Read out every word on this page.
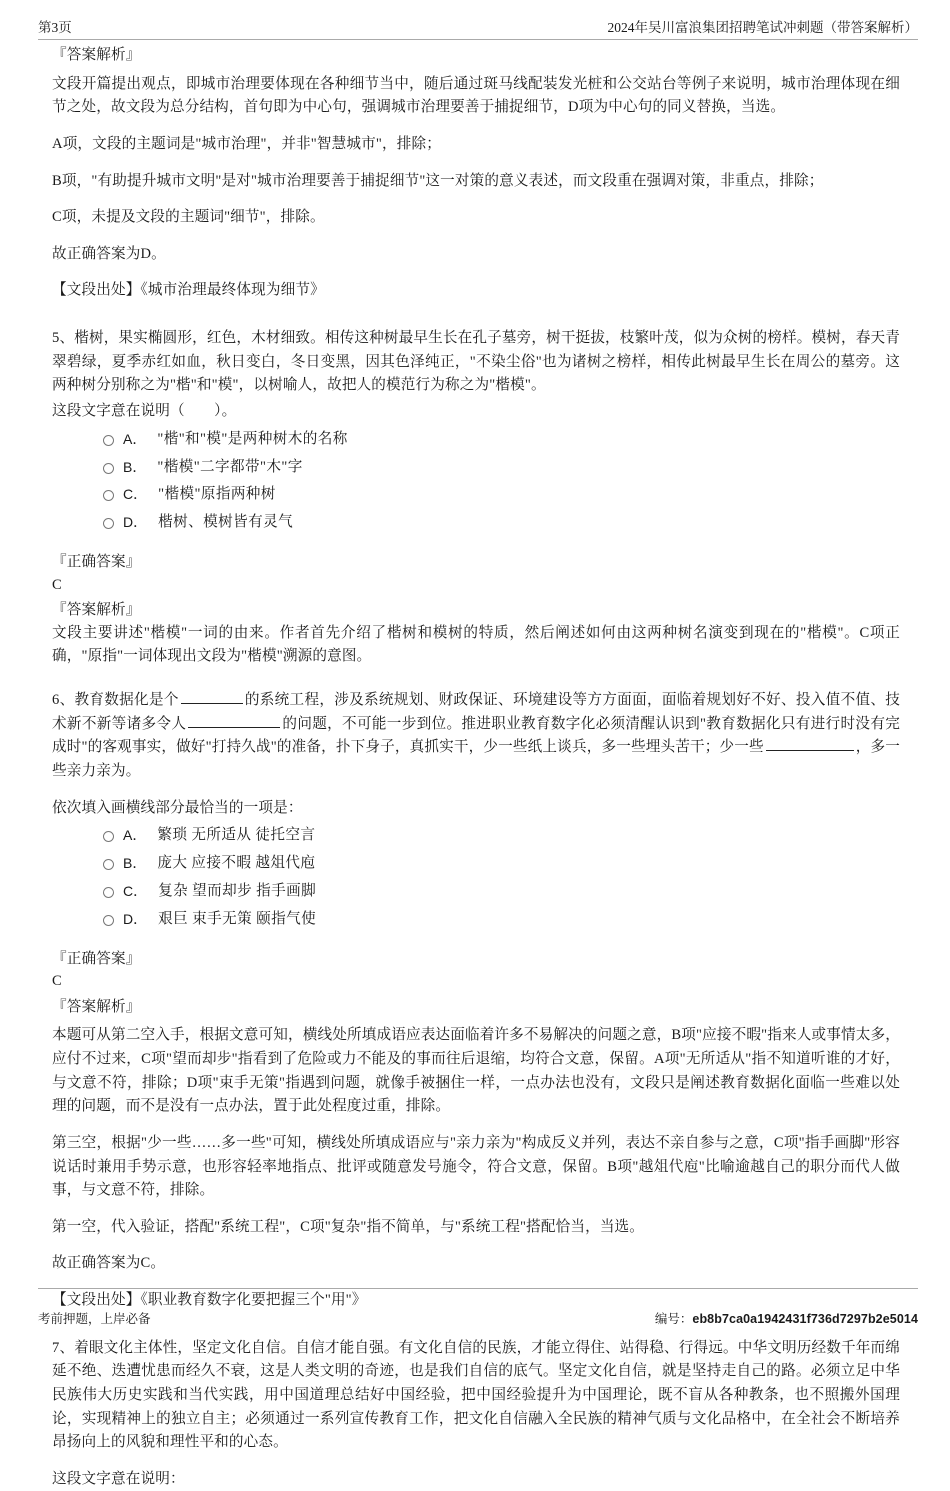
第3页	2024年吴川富浪集团招聘笔试冲刺题（带答案解析）
『答案解析』

文段开篇提出观点，即城市治理要体现在各种细节当中，随后通过斑马线配装发光桩和公交站台等例子来说明，城市治理体现在细节之处，故文段为总分结构，首句即为中心句，强调城市治理要善于捕捉细节，D项为中心句的同义替换，当选。

A项，文段的主题词是"城市治理"，并非"智慧城市"，排除；

B项，"有助提升城市文明"是对"城市治理要善于捕捉细节"这一对策的意义表述，而文段重在强调对策，非重点，排除；

C项，未提及文段的主题词"细节"，排除。

故正确答案为D。

【文段出处】《城市治理最终体现为细节》

5、楷树，果实椭圆形，红色，木材细致。相传这种树最早生长在孔子墓旁，树干挺拔，枝繁叶茂，似为众树的榜样。模树，春天青翠碧绿，夏季赤红如血，秋日变白，冬日变黑，因其色泽纯正，"不染尘俗"也为诸树之榜样，相传此树最早生长在周公的墓旁。这两种树分别称之为"楷"和"模"，以树喻人，故把人的模范行为称之为"楷模"。

这段文字意在说明（　　）。

A． "楷"和"模"是两种树木的名称
B． "楷模"二字都带"木"字
C． "楷模"原指两种树
D． 楷树、模树皆有灵气
『正确答案』
C
『答案解析』

文段主要讲述"楷模"一词的由来。作者首先介绍了楷树和模树的特质，然后阐述如何由这两种树名演变到现在的"楷模"。C项正确，"原指"一词体现出文段为"楷模"溯源的意图。

6、教育数据化是个	的系统工程，涉及系统规划、财政保证、环境建设等方方面面，面临着规划好不好、投入值不值、技术新不新等诸多令人	的问题，不可能一步到位。推进职业教育数字化必须清醒认识到"教育数据化只有进行时没有完成时"的客观事实，做好"打持久战"的准备，扑下身子，真抓实干，少一些纸上谈兵，多一些埋头苦干；少一些	，多一些亲力亲为。

依次填入画横线部分最恰当的一项是：

A． 繁琐 无所适从 徒托空言
B． 庞大 应接不暇 越俎代庖
C． 复杂 望而却步 指手画脚
D． 艰巨 束手无策 颐指气使
『正确答案』
C
『答案解析』

本题可从第二空入手，根据文意可知，横线处所填成语应表达面临着许多不易解决的问题之意，B项"应接不暇"指来人或事情太多，应付不过来，C项"望而却步"指看到了危险或力不能及的事而往后退缩，均符合文意，保留。A项"无所适从"指不知道听谁的才好，与文意不符，排除；D项"束手无策"指遇到问题，就像手被捆住一样，一点办法也没有，文段只是阐述教育数据化面临一些难以处理的问题，而不是没有一点办法，置于此处程度过重，排除。

第三空，根据"少一些……多一些"可知，横线处所填成语应与"亲力亲为"构成反义并列，表达不亲自参与之意，C项"指手画脚"形容说话时兼用手势示意，也形容轻率地指点、批评或随意发号施令，符合文意，保留。B项"越俎代庖"比喻逾越自己的职分而代人做事，与文意不符，排除。

第一空，代入验证，搭配"系统工程"，C项"复杂"指不简单，与"系统工程"搭配恰当，当选。

故正确答案为C。

【文段出处】《职业教育数字化要把握三个"用"》

7、着眼文化主体性，坚定文化自信。自信才能自强。有文化自信的民族，才能立得住、站得稳、行得远。中华文明历经数千年而绵延不绝、迭遭忧患而经久不衰，这是人类文明的奇迹，也是我们自信的底气。坚定文化自信，就是坚持走自己的路。必须立足中华民族伟大历史实践和当代实践，用中国道理总结好中国经验，把中国经验提升为中国理论，既不盲从各种教条，也不照搬外国理论，实现精神上的独立自主；必须通过一系列宣传教育工作，把文化自信融入全民族的精神气质与文化品格中，在全社会不断培养昂扬向上的风貌和理性平和的心态。

这段文字意在说明：

考前押题，上岸必备	编号：eb8b7ca0a1942431f736d7297b2e5014
